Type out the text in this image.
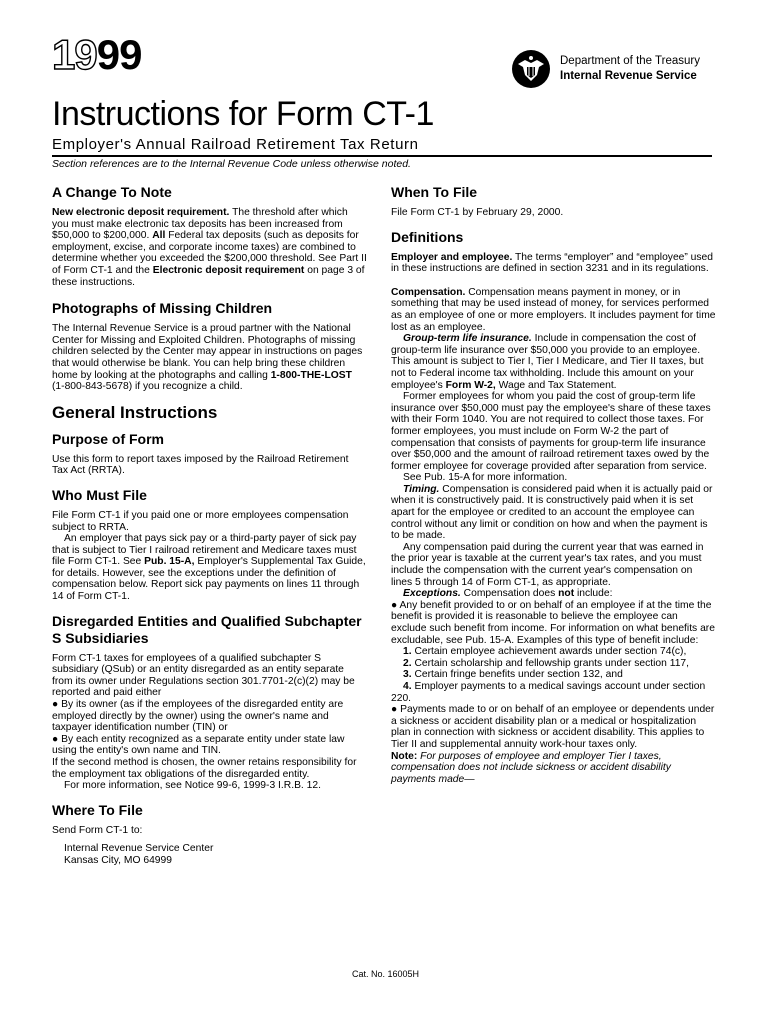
1999	Department of the Treasury
Internal Revenue Service
Instructions for Form CT-1
Employer's Annual Railroad Retirement Tax Return
Section references are to the Internal Revenue Code unless otherwise noted.
A Change To Note

New electronic deposit requirement. The threshold after which you must make electronic tax deposits has been increased from $50,000 to $200,000. All Federal tax deposits (such as deposits for employment, excise, and corporate income taxes) are combined to determine whether you exceeded the $200,000 threshold. See Part II of Form CT-1 and the Electronic deposit requirement on page 3 of these instructions.

Photographs of Missing Children

The Internal Revenue Service is a proud partner with the National Center for Missing and Exploited Children. Photographs of missing children selected by the Center may appear in instructions on pages that would otherwise be blank. You can help bring these children home by looking at the photographs and calling 1-800-THE-LOST (1-800-843-5678) if you recognize a child.

General Instructions
Purpose of Form

Use this form to report taxes imposed by the Railroad Retirement Tax Act (RRTA).

Who Must File

File Form CT-1 if you paid one or more employees compensation subject to RRTA.

An employer that pays sick pay or a third-party payer of sick pay that is subject to Tier I railroad retirement and Medicare taxes must file Form CT-1. See Pub. 15-A, Employer's Supplemental Tax Guide, for details. However, see the exceptions under the definition of compensation below. Report sick pay payments on lines 11 through 14 of Form CT-1.

Disregarded Entities and Qualified Subchapter S Subsidiaries

Form CT-1 taxes for employees of a qualified subchapter S subsidiary (QSub) or an entity disregarded as an entity separate from its owner under Regulations section 301.7701-2(c)(2) may be reported and paid either

● By its owner (as if the employees of the disregarded entity are employed directly by the owner) using the owner's name and taxpayer identification number (TIN) or

● By each entity recognized as a separate entity under state law using the entity's own name and TIN.

If the second method is chosen, the owner retains responsibility for the employment tax obligations of the disregarded entity.

For more information, see Notice 99-6, 1999-3 I.R.B. 12.

Where To File

Send Form CT-1 to:

Internal Revenue Service Center
Kansas City, MO 64999
When To File

File Form CT-1 by February 29, 2000.

Definitions

Employer and employee. The terms “employer” and “employee” used in these instructions are defined in section 3231 and in its regulations.

Compensation. Compensation means payment in money, or in something that may be used instead of money, for services performed as an employee of one or more employers. It includes payment for time lost as an employee.

Group-term life insurance. Include in compensation the cost of group-term life insurance over $50,000 you provide to an employee. This amount is subject to Tier I, Tier I Medicare, and Tier II taxes, but not to Federal income tax withholding. Include this amount on your employee's Form W-2, Wage and Tax Statement.

Former employees for whom you paid the cost of group-term life insurance over $50,000 must pay the employee's share of these taxes with their Form 1040. You are not required to collect those taxes. For former employees, you must include on Form W-2 the part of compensation that consists of payments for group-term life insurance over $50,000 and the amount of railroad retirement taxes owed by the former employee for coverage provided after separation from service.

See Pub. 15-A for more information.

Timing. Compensation is considered paid when it is actually paid or when it is constructively paid. It is constructively paid when it is set apart for the employee or credited to an account the employee can control without any limit or condition on how and when the payment is to be made.

Any compensation paid during the current year that was earned in the prior year is taxable at the current year's tax rates, and you must include the compensation with the current year's compensation on lines 5 through 14 of Form CT-1, as appropriate.

Exceptions. Compensation does not include:

● Any benefit provided to or on behalf of an employee if at the time the benefit is provided it is reasonable to believe the employee can exclude such benefit from income. For information on what benefits are excludable, see Pub. 15-A. Examples of this type of benefit include:

1. Certain employee achievement awards under section 74(c),

2. Certain scholarship and fellowship grants under section 117,

3. Certain fringe benefits under section 132, and

4. Employer payments to a medical savings account under section 220.

● Payments made to or on behalf of an employee or dependents under a sickness or accident disability plan or a medical or hospitalization plan in connection with sickness or accident disability. This applies to Tier II and supplemental annuity work-hour taxes only.

Note: For purposes of employee and employer Tier I taxes, compensation does not include sickness or accident disability payments made—

Cat. No. 16005H
